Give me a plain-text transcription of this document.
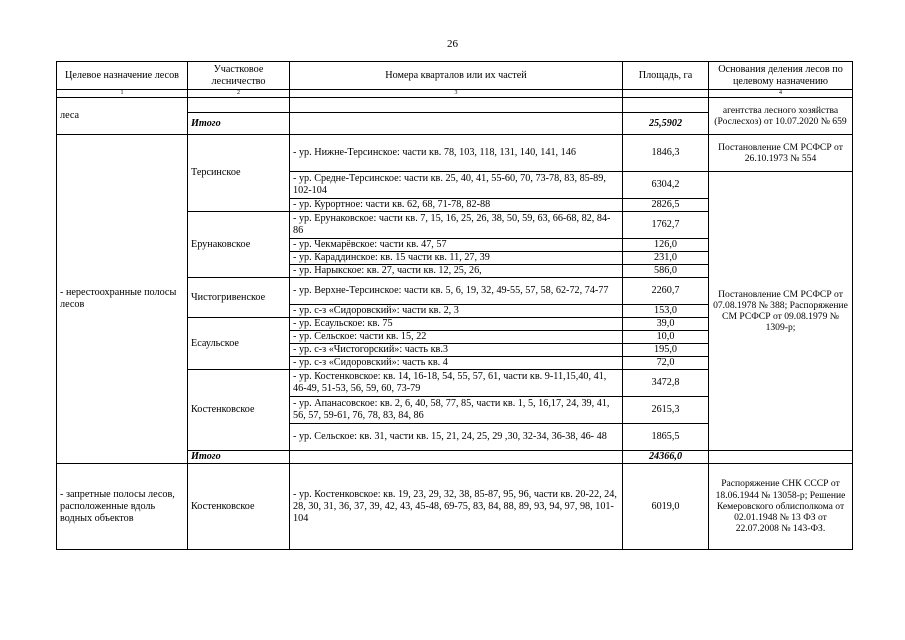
26
Целевое назначение лесов	Участковое лесничество	Номера кварталов или их частей	Площадь, га	Основания деления лесов по целевому назначению
1	2	3		4
леса				агентства лесного хозяйства (Рослесхоз) от 10.07.2020 № 659
	Итого		25,5902	
- нерестоохранные полосы лесов	Терсинское	- ур. Нижне-Терсинское: части кв. 78, 103, 118, 131, 140, 141, 146	1846,3	Постановление СМ РСФСР от 26.10.1973 № 554
		- ур. Средне-Терсинское: части кв. 25, 40, 41, 55-60, 70, 73-78, 83, 85-89, 102-104	6304,2	Постановление СМ РСФСР от 07.08.1978 № 388; Распоряжение СМ РСФСР от 09.08.1979 № 1309-р;
		- ур. Курортное: части кв. 62, 68, 71-78, 82-88	2826,5	
	Ерунаковское	- ур. Ерунаковское: части кв. 7, 15, 16, 25, 26, 38, 50, 59, 63, 66-68, 82, 84-86	1762,7	
		- ур. Чекмарёвское: части кв. 47, 57	126,0	
		- ур. Караддинское: кв. 15 части кв. 11, 27, 39	231,0	
		- ур. Нарыкское: кв. 27, части кв. 12, 25, 26,	586,0	
	Чистогривенское	- ур. Верхне-Терсинское: части кв. 5, 6, 19, 32, 49-55, 57, 58, 62-72, 74-77	2260,7	
		- ур. с-з «Сидоровский»: части кв. 2, 3	153,0	
	Есаульское	- ур. Есаульское: кв. 75	39,0	
		- ур. Сельское: части кв. 15, 22	10,0	
		- ур. с-з «Чистогорский»: часть кв.3	195,0	
		- ур. с-з «Сидоровский»: часть кв. 4	72,0	
	Костенковское	- ур. Костенковское: кв. 14, 16-18, 54, 55, 57, 61, части кв. 9-11,15,40, 41, 46-49, 51-53, 56, 59, 60, 73-79	3472,8	
		- ур. Апанасовское: кв. 2, 6, 40, 58, 77, 85, части кв. 1, 5, 16,17, 24, 39, 41, 56, 57, 59-61, 76, 78, 83, 84, 86	2615,3	
		- ур. Сельское: кв. 31, части кв. 15, 21, 24, 25, 29 ,30, 32-34, 36-38, 46- 48	1865,5	
	Итого		24366,0	
- запретные полосы лесов, расположенные вдоль водных объектов	Костенковское	- ур. Костенковское: кв. 19, 23, 29, 32, 38, 85-87, 95, 96, части кв. 20-22, 24, 28, 30, 31, 36, 37, 39, 42, 43, 45-48, 69-75, 83, 84, 88, 89, 93, 94, 97, 98, 101-104	6019,0	Распоряжение СНК СССР от 18.06.1944 № 13058-р; Решение Кемеровского облисполкома от 02.01.1948 № 13 ФЗ от 22.07.2008 № 143-ФЗ.
